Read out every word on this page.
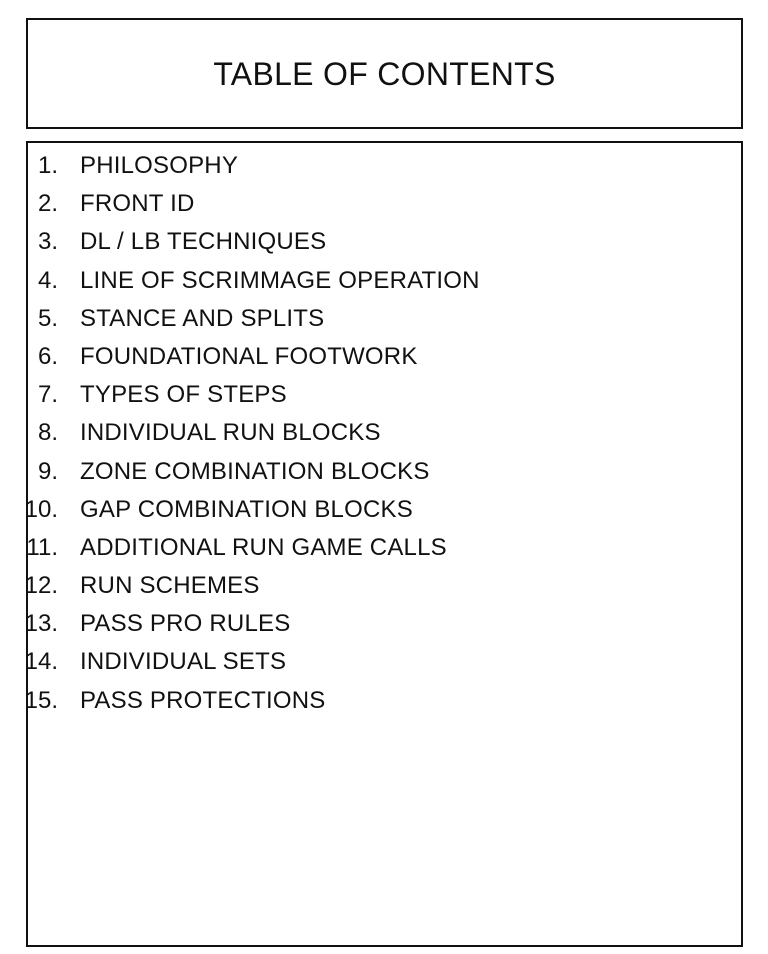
TABLE OF CONTENTS
1. PHILOSOPHY
2. FRONT ID
3. DL / LB TECHNIQUES
4. LINE OF SCRIMMAGE OPERATION
5. STANCE AND SPLITS
6. FOUNDATIONAL FOOTWORK
7. TYPES OF STEPS
8. INDIVIDUAL RUN BLOCKS
9. ZONE COMBINATION BLOCKS
10. GAP COMBINATION BLOCKS
11. ADDITIONAL RUN GAME CALLS
12. RUN SCHEMES
13. PASS PRO RULES
14. INDIVIDUAL SETS
15. PASS PROTECTIONS
